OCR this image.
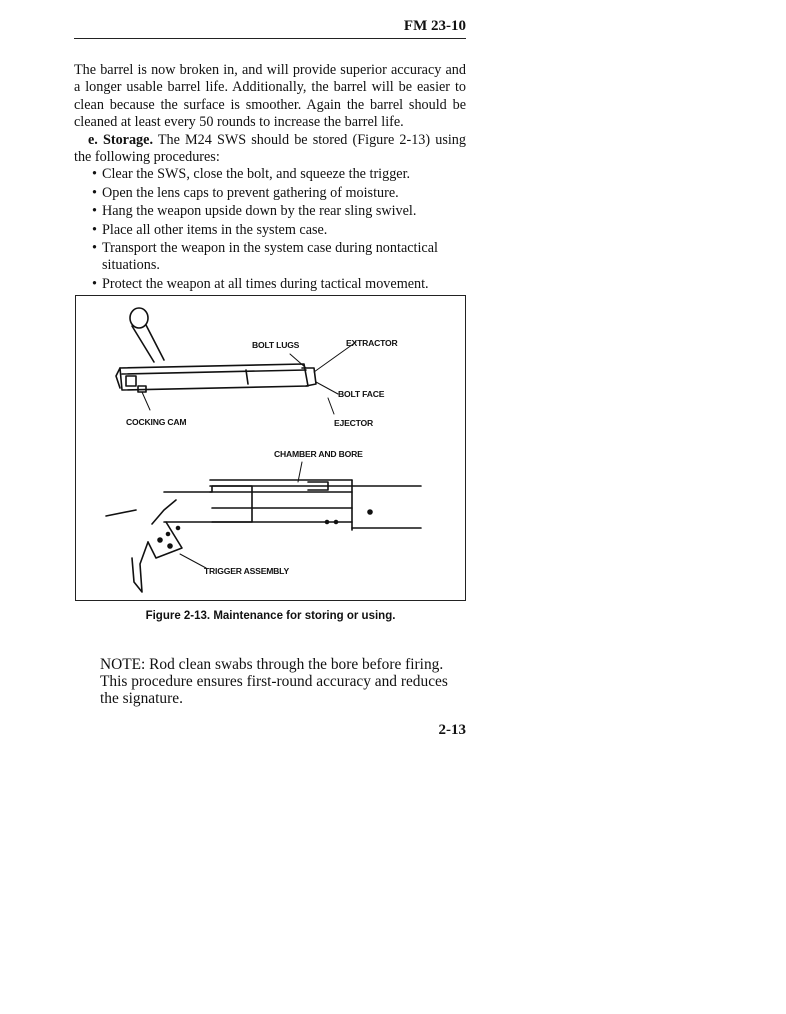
FM 23-10

The barrel is now broken in, and will provide superior accuracy and a longer usable barrel life. Additionally, the barrel will be easier to clean because the surface is smoother. Again the barrel should be cleaned at least every 50 rounds to increase the barrel life.

e. Storage. The M24 SWS should be stored (Figure 2-13) using the following procedures:

• Clear the SWS, close the bolt, and squeeze the trigger.
• Open the lens caps to prevent gathering of moisture.
• Hang the weapon upside down by the rear sling swivel.
• Place all other items in the system case.
• Transport the weapon in the system case during nontactical situations.
• Protect the weapon at all times during tactical movement.
BOLT LUGS	EXTRACTOR
BOLT FACE
COCKING CAM	EJECTOR
CHAMBER AND BORE
TRIGGER ASSEMBLY
Figure 2-13. Maintenance for storing or using.
NOTE: Rod clean swabs through the bore before firing. This procedure ensures first-round accuracy and reduces the signature.
2-13
